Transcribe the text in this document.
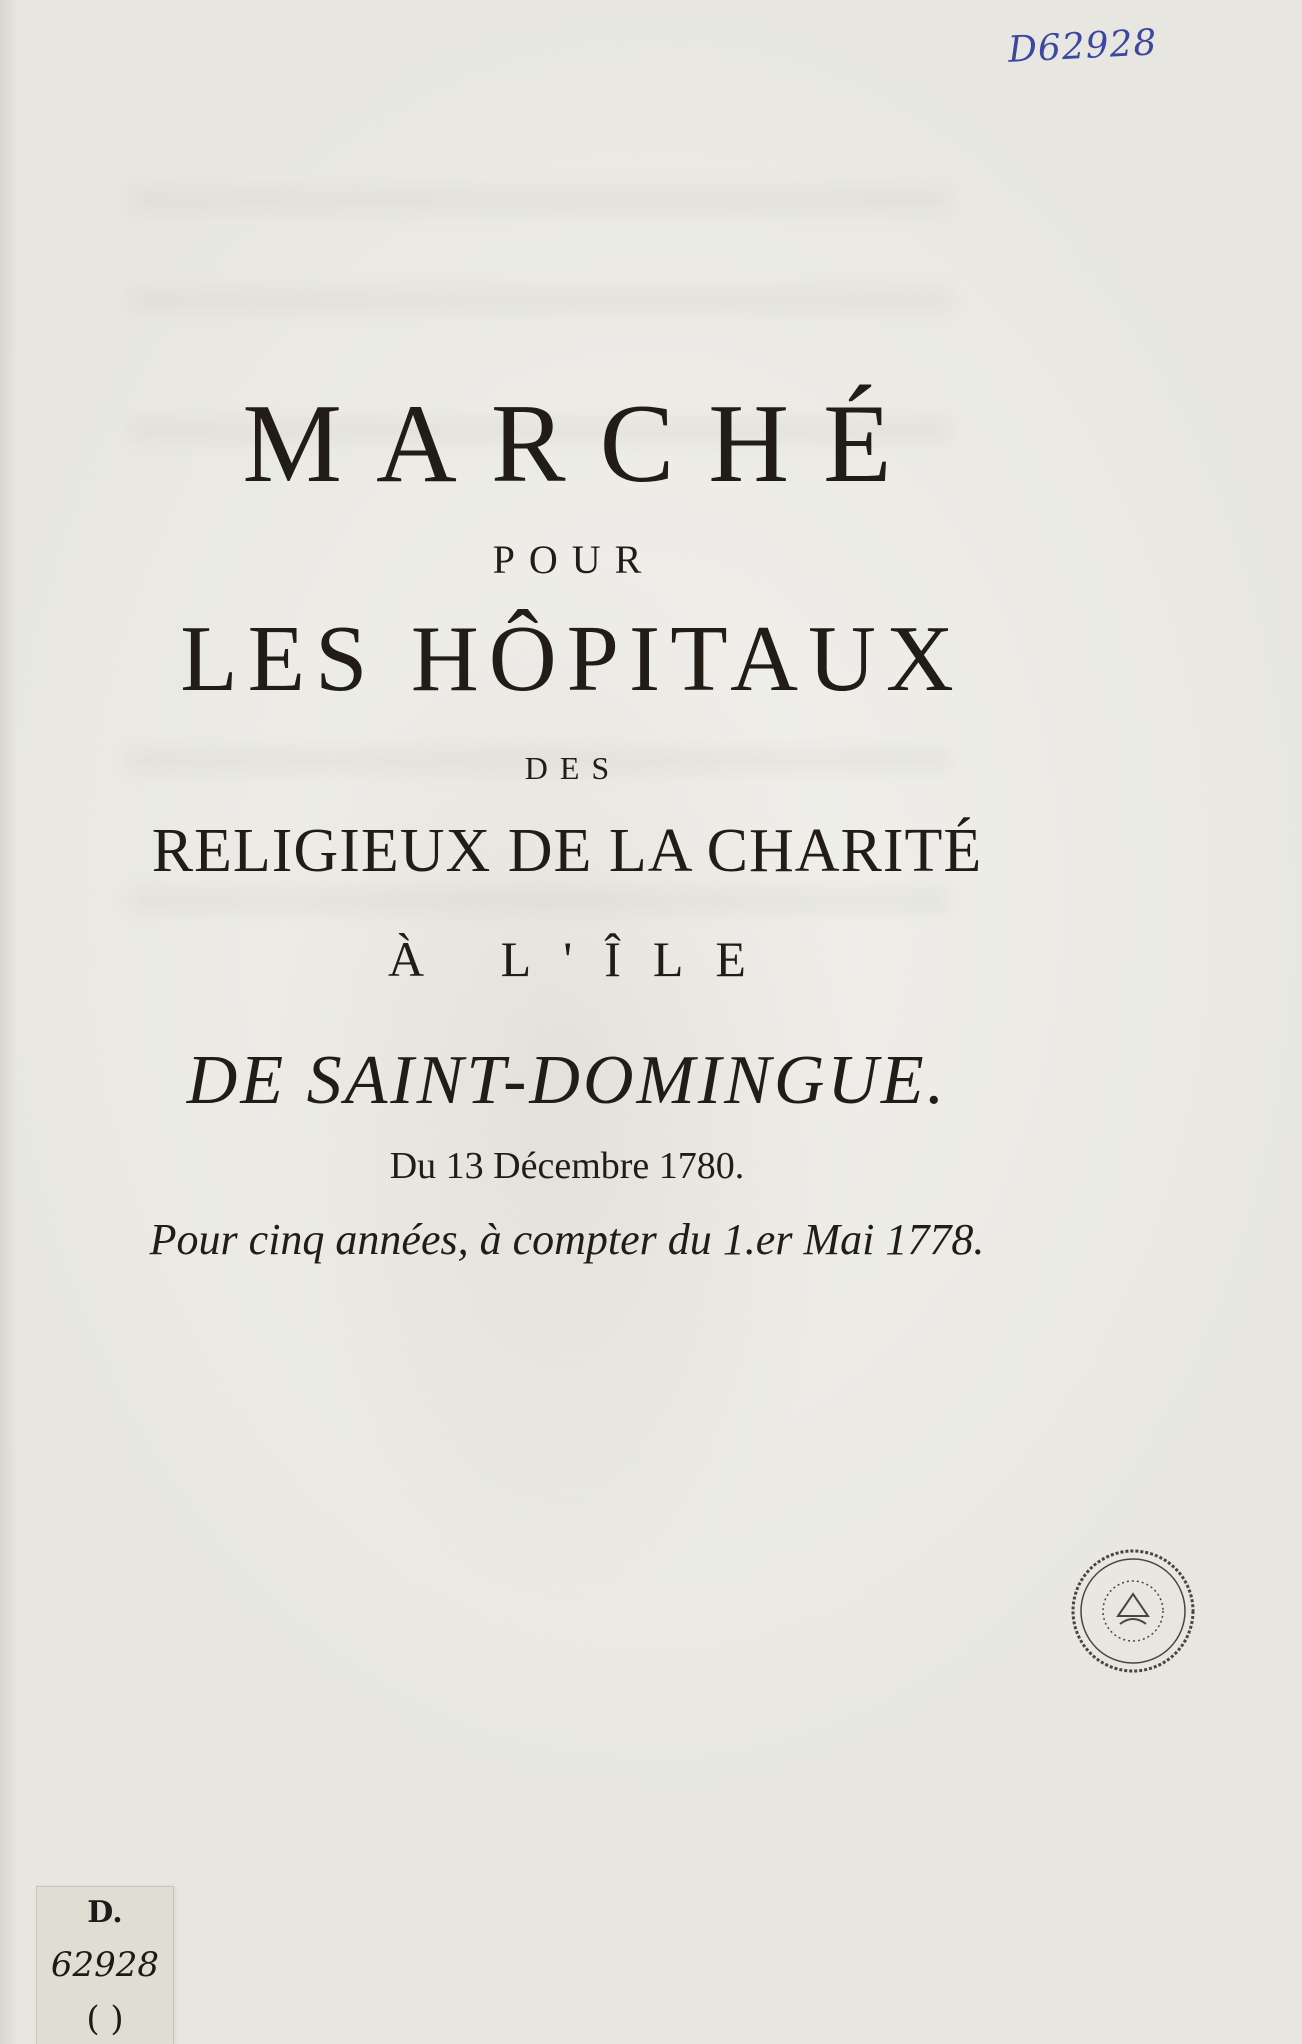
D62928
MARCHÉ
POUR
LES HÔPITAUX
DES
RELIGIEUX DE LA CHARITÉ
À L'ÎLE
DE SAINT-DOMINGUE.
Du 13 Décembre 1780.
Pour cinq années, à compter du 1.er Mai 1778.
D.
62928
( )
